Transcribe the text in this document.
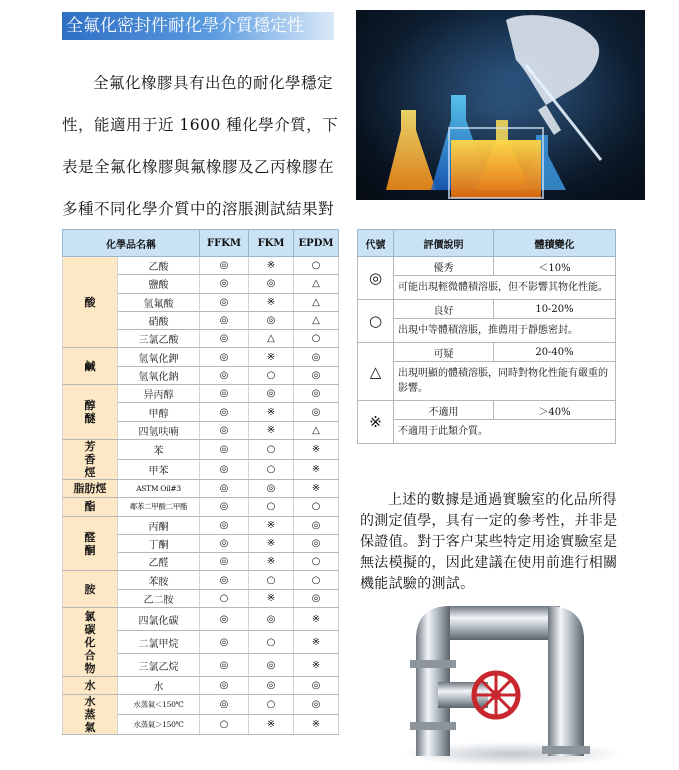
全氟化密封件耐化學介質穩定性

全氟化橡膠具有出色的耐化學穩定性，能適用于近 1600 種化學介質，下表是全氟化橡膠與氟橡膠及乙丙橡膠在多種不同化學介質中的溶脹測試結果對

化學品名稱		FFKM	FKM	EPDM
酸	乙酸	◎	※	○
	鹽酸	◎	◎	△
	氫氟酸	◎	※	△
	硝酸	◎	◎	△
	三氯乙酸	◎	△	○
鹹	氫氧化鉀	◎	※	◎
	氫氧化鈉	◎	○	◎
醇
醚	异丙醇	◎	◎	◎
	甲醇	◎	※	◎
	四氫呋喃	◎	※	△
芳
香
烴	苯	◎	○	※
	甲苯	◎	○	※
脂肪烴	ASTM Oil#3	◎	◎	※
酯	鄰苯二甲酸二甲酯	◎	○	○
醛
酮	丙酮	◎	※	◎
	丁酮	◎	※	◎
	乙醛	◎	※	○
胺	苯胺	◎	○	○
	乙二胺	○	※	◎
氯
碳
化
合
物	四氯化碳	◎	◎	※
	二氯甲烷	◎	○	※
	三氯乙烷	◎	◎	※
水	水	◎	◎	◎
水
蒸
氣	水蒸氣＜150℃	◎	○	◎
	水蒸氣＞150℃	○	※	※
代號	評價說明	體積變化
◎	優秀	＜10%
	可能出現輕微體積溶脹，但不影響其物化性能。	
○	良好	10-20%
	出現中等體積溶脹，推薦用于靜態密封。	
△	可疑	20-40%
	出現明顯的體積溶脹，同時對物化性能有嚴重的影響。	
※	不適用	＞40%
	不適用于此類介質。	

上述的數據是通過實驗室的化品所得的測定值學，具有一定的參考性，并非是保證值。對于客户某些特定用途實驗室是無法模擬的，因此建議在使用前進行相關機能試驗的測試。
